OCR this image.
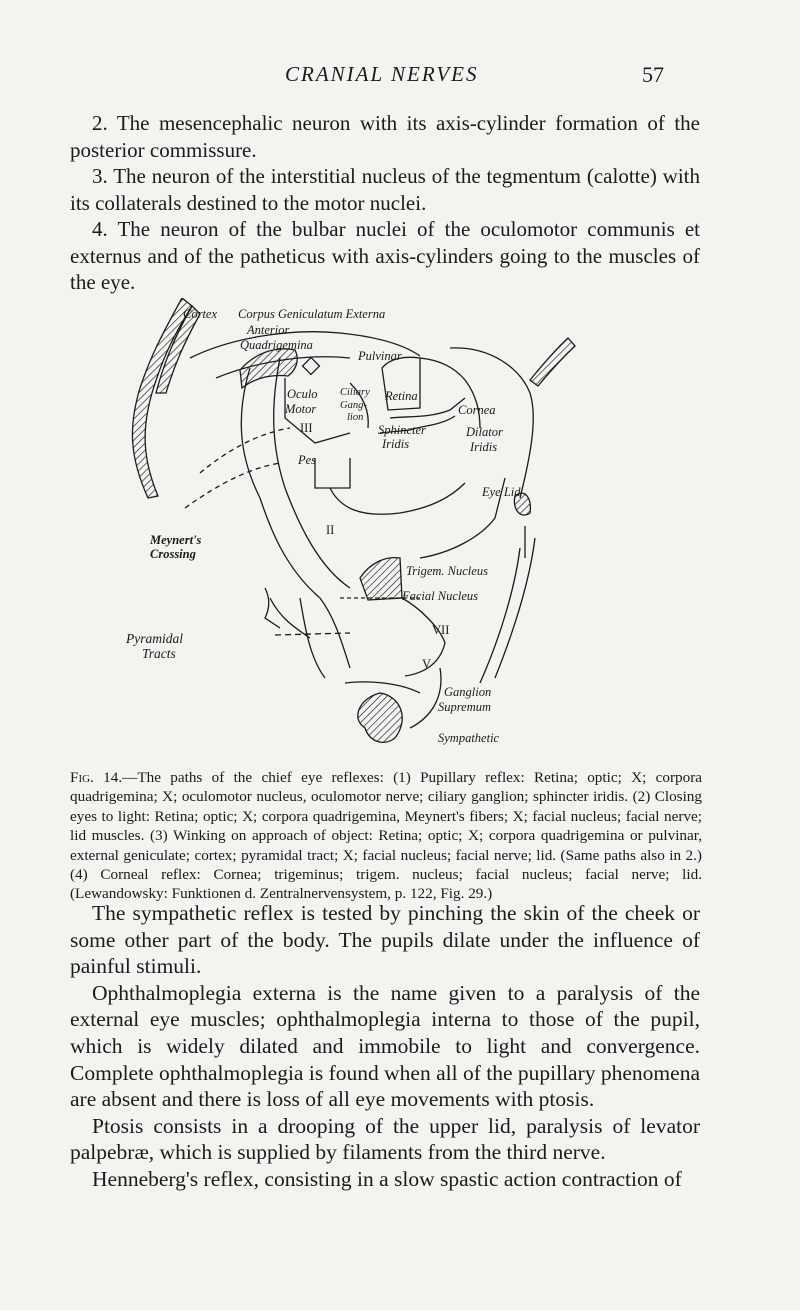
CRANIAL NERVES	57

2. The mesencephalic neuron with its axis-cylinder formation of the posterior commissure.

3. The neuron of the interstitial nucleus of the tegmentum (calotte) with its collaterals destined to the motor nuclei.

4. The neuron of the bulbar nuclei of the oculomotor communis et externus and of the patheticus with axis-cylinders going to the muscles of the eye.

Cortex Corpus Geniculatum Externa
Anterior
Quadrigemina
Pulvinar
Oculo
Motor
Ciliary
Gang-
lion
Retina
Cornea
Sphincter
Iridis
Dilator
Iridis
III
Pes
Eye Lid
Meynert's
Crossing
II
Trigem. Nucleus
Facial Nucleus
VII
V
Pyramidal
Tracts
Ganglion
Supremum
Sympathetic
Fig. 14.—The paths of the chief eye reflexes: (1) Pupillary reflex: Retina; optic; X; corpora quadrigemina; X; oculomotor nucleus, oculomotor nerve; ciliary ganglion; sphincter iridis. (2) Closing eyes to light: Retina; optic; X; corpora quadrigemina, Meynert's fibers; X; facial nucleus; facial nerve; lid muscles. (3) Winking on approach of object: Retina; optic; X; corpora quadrigemina or pulvinar, external geniculate; cortex; pyramidal tract; X; facial nucleus; facial nerve; lid. (Same paths also in 2.) (4) Corneal reflex: Cornea; trigeminus; trigem. nucleus; facial nucleus; facial nerve; lid. (Lewandowsky: Funktionen d. Zentralnervensystem, p. 122, Fig. 29.)

The sympathetic reflex is tested by pinching the skin of the cheek or some other part of the body. The pupils dilate under the influence of painful stimuli.

Ophthalmoplegia externa is the name given to a paralysis of the external eye muscles; ophthalmoplegia interna to those of the pupil, which is widely dilated and immobile to light and convergence. Complete ophthalmoplegia is found when all of the pupillary phenomena are absent and there is loss of all eye movements with ptosis.

Ptosis consists in a drooping of the upper lid, paralysis of levator palpebræ, which is supplied by filaments from the third nerve.

Henneberg's reflex, consisting in a slow spastic action contraction of
